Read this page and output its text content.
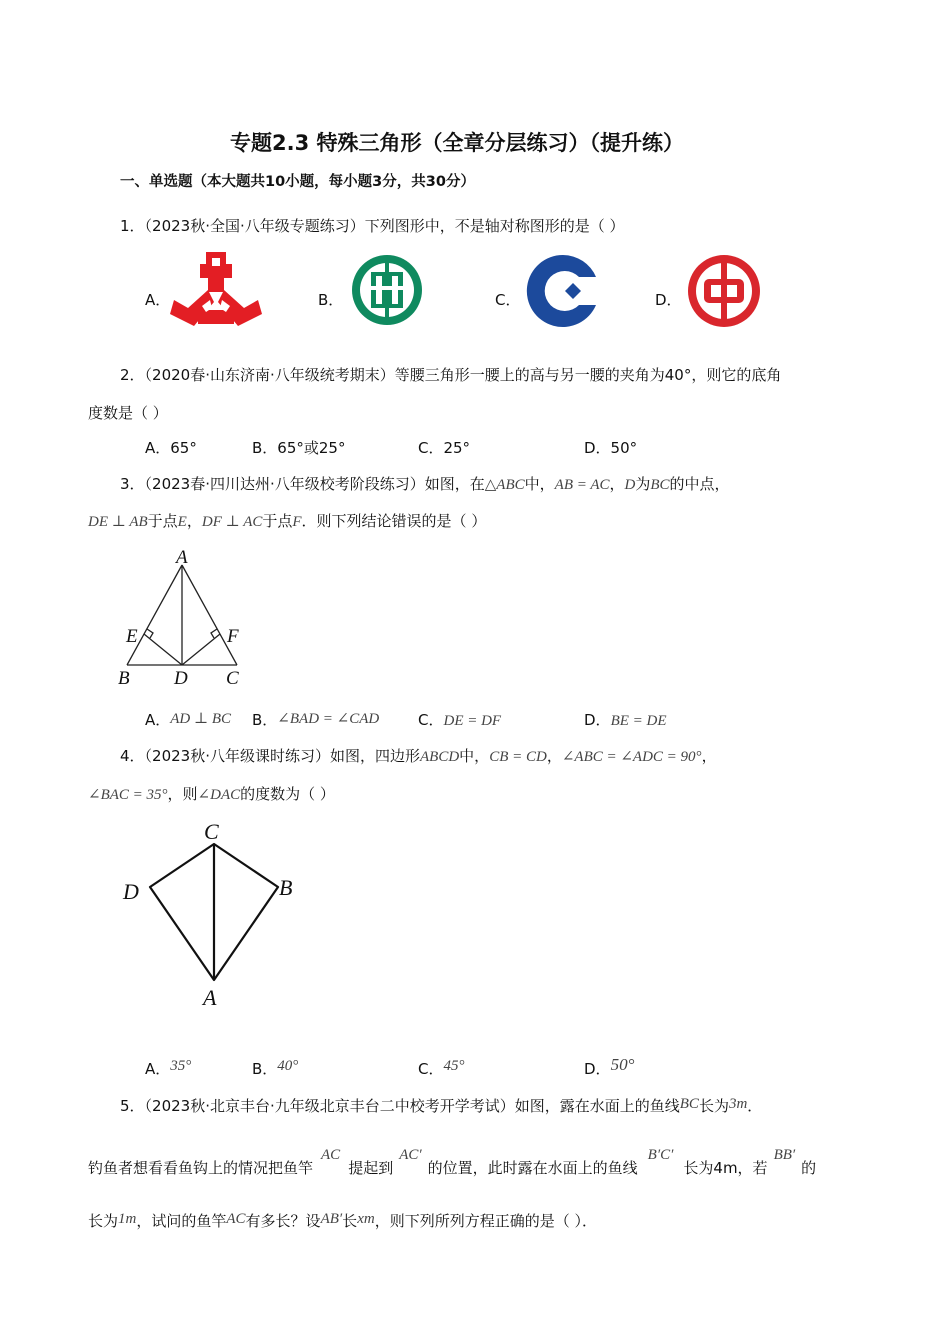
专题2.3 特殊三角形（全章分层练习）（提升练）
一、单选题（本大题共10小题，每小题3分，共30分）
1．（2023秋·全国·八年级专题练习）下列图形中，不是轴对称图形的是（ ）
A．	B．	C．	D．
2．（2020春·山东济南·八年级统考期末）等腰三角形一腰上的高与另一腰的夹角为40°，则它的底角
度数是（ ）
A．65°	B．65°或25°	C．25°	D．50°
3．（2023春·四川达州·八年级校考阶段练习）如图，在△ABC中，AB = AC，D为BC的中点，
DE ⊥ AB于点E，DF ⊥ AC于点F．则下列结论错误的是（ ）
A
E	F
B D C
A．AD ⊥ BC B．∠BAD = ∠CAD	C．DE = DF	D．BE = DE
4．（2023秋·八年级课时练习）如图，四边形ABCD中，CB = CD，∠ABC = ∠ADC = 90°，
∠BAC = 35°，则∠DAC的度数为（ ）
C
D	B
A
A．35°	B．40°	C．45°	D．50°
5．（2023秋·北京丰台·九年级北京丰台二中校考开学考试）如图，露在水面上的鱼线BC长为3m．
钓鱼者想看看鱼钩上的情况把鱼竿AC提起到AC′的位置，此时露在水面上的鱼线B′C′长为4m，若BB′的
长为1m，试问的鱼竿AC有多长？设AB′长xm，则下列所列方程正确的是（ ）．
